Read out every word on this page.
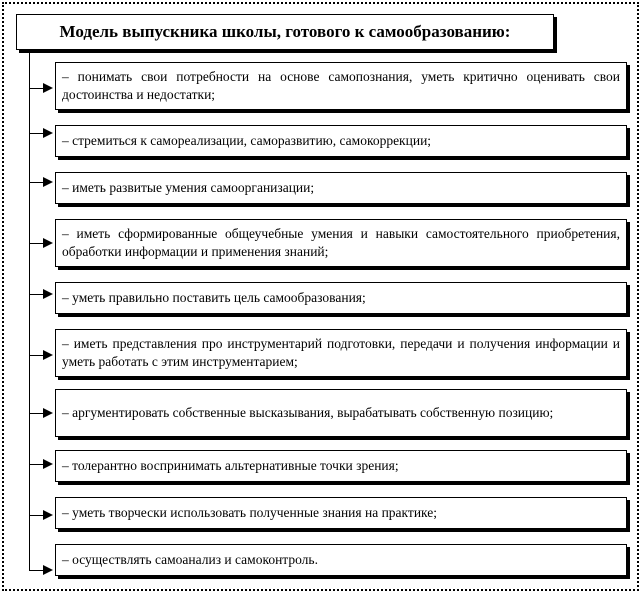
Модель выпускника школы, готового к самообразованию:
– понимать свои потребности на основе самопознания, уметь критично оценивать свои достоинства и недостатки;
– стремиться к самореализации, саморазвитию, самокоррекции;
– иметь развитые умения самоорганизации;
– иметь сформированные общеучебные умения и навыки самостоятельного приобретения, обработки информации и применения знаний;
– уметь правильно поставить цель самообразования;
– иметь представления про инструментарий подготовки, передачи и получения информации и уметь работать с этим инструментарием;
– аргументировать собственные высказывания, вырабатывать собственную позицию;
– толерантно воспринимать альтернативные точки зрения;
– уметь творчески использовать полученные знания на практике;
– осуществлять самоанализ и самоконтроль.
